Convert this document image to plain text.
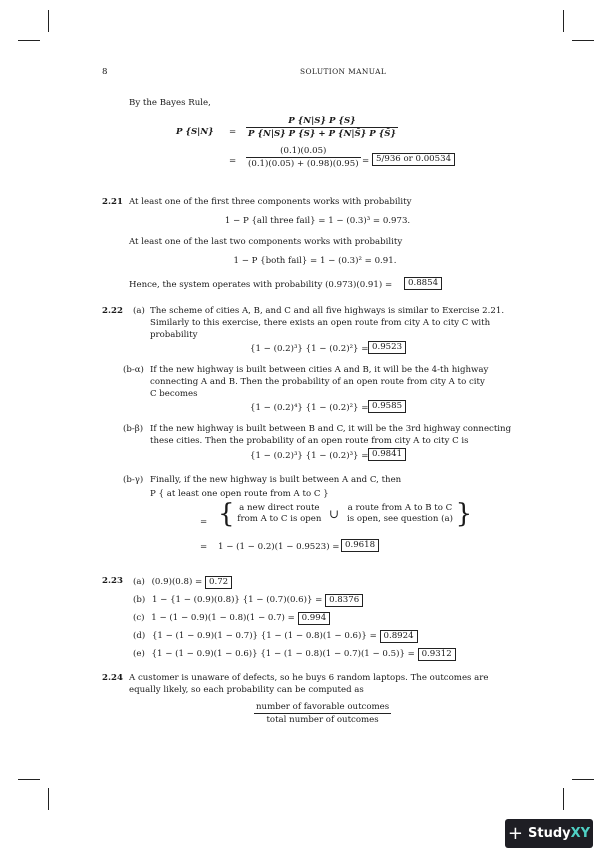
8	SOLUTION MANUAL
By the Bayes Rule,
P $\{S|N\} = \frac{P \{N|S\} P \{S\}}{P \{N|S\} P \{S\} + P \{N|S̄\} P \{S̄\}}$
= $\frac{(0.1)(0.05)}{(0.1)(0.05) + (0.98)(0.95)} = 5/936$ or 0.00534
2.21 At least one of the first three components works with probability
1 − P {all three fail} = 1 − (0.3)³ = 0.973.
At least one of the last two components works with probability
1 − P {both fail} = 1 − (0.3)² = 0.91.
Hence, the system operates with probability (0.973)(0.91) =	0.8854
2.22 (a) The scheme of cities A, B, and C and all five highways is similar to Exercise 2.21.
Similarly to this exercise, there exists an open route from city A to city C with
probability
{1 − (0.2)³} {1 − (0.2)²} = 0.9523
(b-α) If the new highway is built between cities A and B, it will be the 4-th highway
connecting A and B. Then the probability of an open route from city A to city
C becomes
{1 − (0.2)⁴} {1 − (0.2)²} = 0.9585
(b-β) If the new highway is built between B and C, it will be the 3rd highway connecting
these cities. Then the probability of an open route from city A to city C is
{1 − (0.2)³} {1 − (0.2)³} = 0.9841
(b-γ) Finally, if the new highway is built between A and C, then
P { at least one open route from A to C }
= { a new direct route
from A to C is open ∪ a route from A to B to C
is open, see question (a) }
= 1 − (1 − 0.2)(1 − 0.9523) = 0.9618
2.23 (a) (0.9)(0.8) = 0.72
(b) 1 − {1 − (0.9)(0.8)} {1 − (0.7)(0.6)} = 0.8376
(c) 1 − (1 − 0.9)(1 − 0.8)(1 − 0.7) = 0.994
(d) {1 − (1 − 0.9)(1 − 0.7)} {1 − (1 − 0.8)(1 − 0.6)} = 0.8924
(e) {1 − (1 − 0.9)(1 − 0.6)} {1 − (1 − 0.8)(1 − 0.7)(1 − 0.5)} = 0.9312
2.24 A customer is unaware of defects, so he buys 6 random laptops. The outcomes are
equally likely, so each probability can be computed as
number of favorable outcomes
total number of outcomes
+ Study XY
